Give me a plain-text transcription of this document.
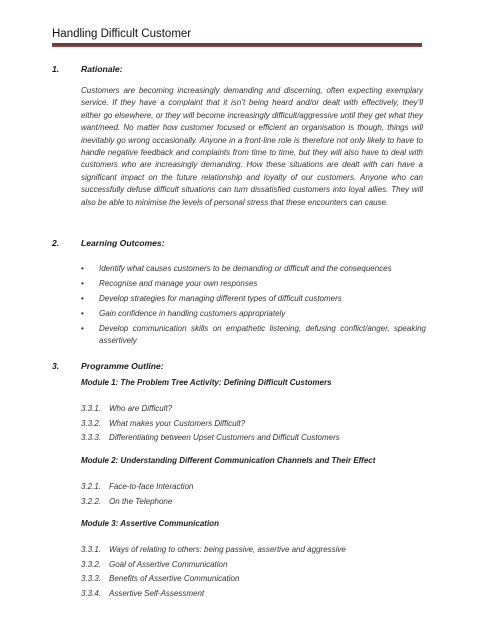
Handling Difficult Customer
1.	Rationale:
Customers are becoming increasingly demanding and discerning, often expecting exemplary service. If they have a complaint that it isn’t being heard and/or dealt with effectively, they’ll either go elsewhere, or they will become increasingly difficult/aggressive until they get what they want/need. No matter how customer focused or efficient an organisation is though, things will inevitably go wrong occasionally. Anyone in a front-line role is therefore not only likely to have to handle negative feedback and complaints from time to time, but they will also have to deal with customers who are increasingly demanding. How these situations are dealt with can have a significant impact on the future relationship and loyalty of our customers. Anyone who can successfully defuse difficult situations can turn dissatisfied customers into loyal allies. They will also be able to minimise the levels of personal stress that these encounters can cause.
2.	Learning Outcomes:
• Identify what causes customers to be demanding or difficult and the consequences
• Recognise and manage your own responses
• Develop strategies for managing different types of difficult customers
• Gain confidence in handling customers appropriately
• Develop communication skills on empathetic listening, defusing conflict/anger, speaking assertively
3.	Programme Outline:
Module 1: The Problem Tree Activity: Defining Difficult Customers
3.3.1. Who are Difficult?
3.3.2. What makes your Customers Difficult?
3.3.3. Differentiating between Upset Customers and Difficult Customers
Module 2: Understanding Different Communication Channels and Their Effect
3.2.1. Face-to-face Interaction
3.2.2. On the Telephone
Module 3: Assertive Communication
3.3.1. Ways of relating to others: being passive, assertive and aggressive
3.3.2. Goal of Assertive Communication
3.3.3. Benefits of Assertive Communication
3.3.4. Assertive Self-Assessment
